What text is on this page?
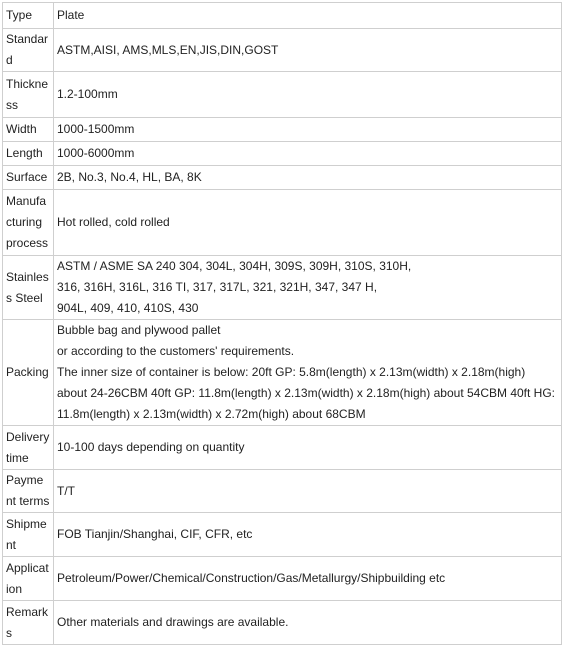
Type	Plate

Standard	ASTM,AISI, AMS,MLS,EN,JIS,DIN,GOST

Thickness	1.2-100mm

Width	1000-1500mm

Length	1000-6000mm

Surface	2B, No.3, No.4, HL, BA, 8K

Manufacturing process	Hot rolled, cold rolled

Stainless Steel	ASTM / ASME SA 240 304, 304L, 304H, 309S, 309H, 310S, 310H,
316, 316H, 316L, 316 TI, 317, 317L, 321, 321H, 347, 347 H,
904L, 409, 410, 410S, 430

Packing	Bubble bag and plywood pallet
or according to the customers' requirements.
The inner size of container is below: 20ft GP: 5.8m(length) x 2.13m(width) x 2.18m(high) about 24-26CBM 40ft GP: 11.8m(length) x 2.13m(width) x 2.18m(high) about 54CBM 40ft HG: 11.8m(length) x 2.13m(width) x 2.72m(high) about 68CBM

Delivery time	10-100 days depending on quantity

Payment terms	T/T

Shipment	FOB Tianjin/Shanghai, CIF, CFR, etc

Application	Petroleum/Power/Chemical/Construction/Gas/Metallurgy/Shipbuilding etc

Remarks	Other materials and drawings are available.
